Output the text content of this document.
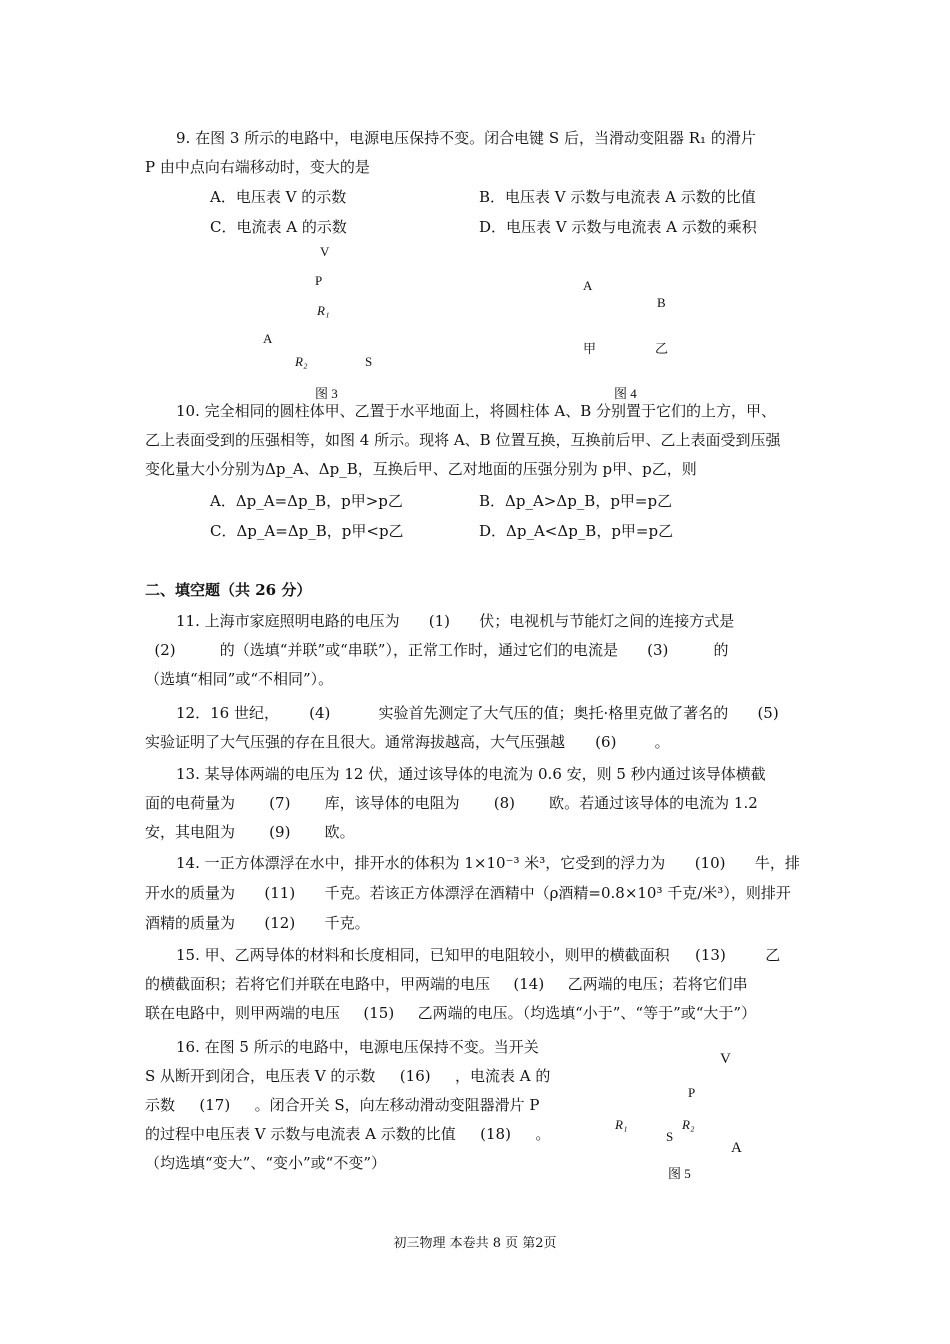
9. 在图 3 所示的电路中，电源电压保持不变。闭合电键 S 后，当滑动变阻器 R₁ 的滑片
P 由中点向右端移动时，变大的是
A．电压表 V 的示数	B．电压表 V 示数与电流表 A 示数的比值
C．电流表 A 的示数	D．电压表 V 示数与电流表 A 示数的乘积
V
P
R₁
A
R₂	S
图 3
A
B
甲	乙
图 4
10. 完全相同的圆柱体甲、乙置于水平地面上，将圆柱体 A、B 分别置于它们的上方，甲、
乙上表面受到的压强相等，如图 4 所示。现将 A、B 位置互换，互换前后甲、乙上表面受到压强
变化量大小分别为Δp_A、Δp_B，互换后甲、乙对地面的压强分别为 p甲、p乙，则
A．Δp_A=Δp_B，p甲>p乙	B．Δp_A>Δp_B，p甲=p乙
C．Δp_A=Δp_B，p甲<p乙	D．Δp_A<Δp_B，p甲=p乙
二、填空题（共 26 分）
11. 上海市家庭照明电路的电压为 (1) 伏；电视机与节能灯之间的连接方式是
(2)	的（选填“并联”或“串联”），正常工作时，通过它们的电流是 (3)	的
（选填“相同”或“不相同”）。
12．16 世纪， (4)	实验首先测定了大气压的值；奥托·格里克做了著名的 (5)
实验证明了大气压强的存在且很大。通常海拔越高，大气压强越 (6)	。
13. 某导体两端的电压为 12 伏，通过该导体的电流为 0.6 安，则 5 秒内通过该导体横截
面的电荷量为 (7) 库，该导体的电阻为 (8) 欧。若通过该导体的电流为 1.2
安，其电阻为 (9) 欧。
14. 一正方体漂浮在水中，排开水的体积为 1×10⁻³ 米³，它受到的浮力为 (10) 牛，排
开水的质量为 (11) 千克。若该正方体漂浮在酒精中（ρ酒精=0.8×10³ 千克/米³），则排开
酒精的质量为 (12) 千克。
15. 甲、乙两导体的材料和长度相同，已知甲的电阻较小，则甲的横截面积 (13)	乙
的横截面积；若将它们并联在电路中，甲两端的电压 (14) 乙两端的电压；若将它们串
联在电路中，则甲两端的电压 (15) 乙两端的电压。（均选填“小于”、“等于”或“大于”）
16. 在图 5 所示的电路中，电源电压保持不变。当开关
S 从断开到闭合，电压表 V 的示数 (16) ，电流表 A 的
示数 (17) 。闭合开关 S，向左移动滑动变阻器滑片 P
的过程中电压表 V 示数与电流表 A 示数的比值 (18) 。
（均选填“变大”、“变小”或“不变”）
V
P
R₁
S
R₂
A
图 5
初三物理 本卷共 8 页 第2页
